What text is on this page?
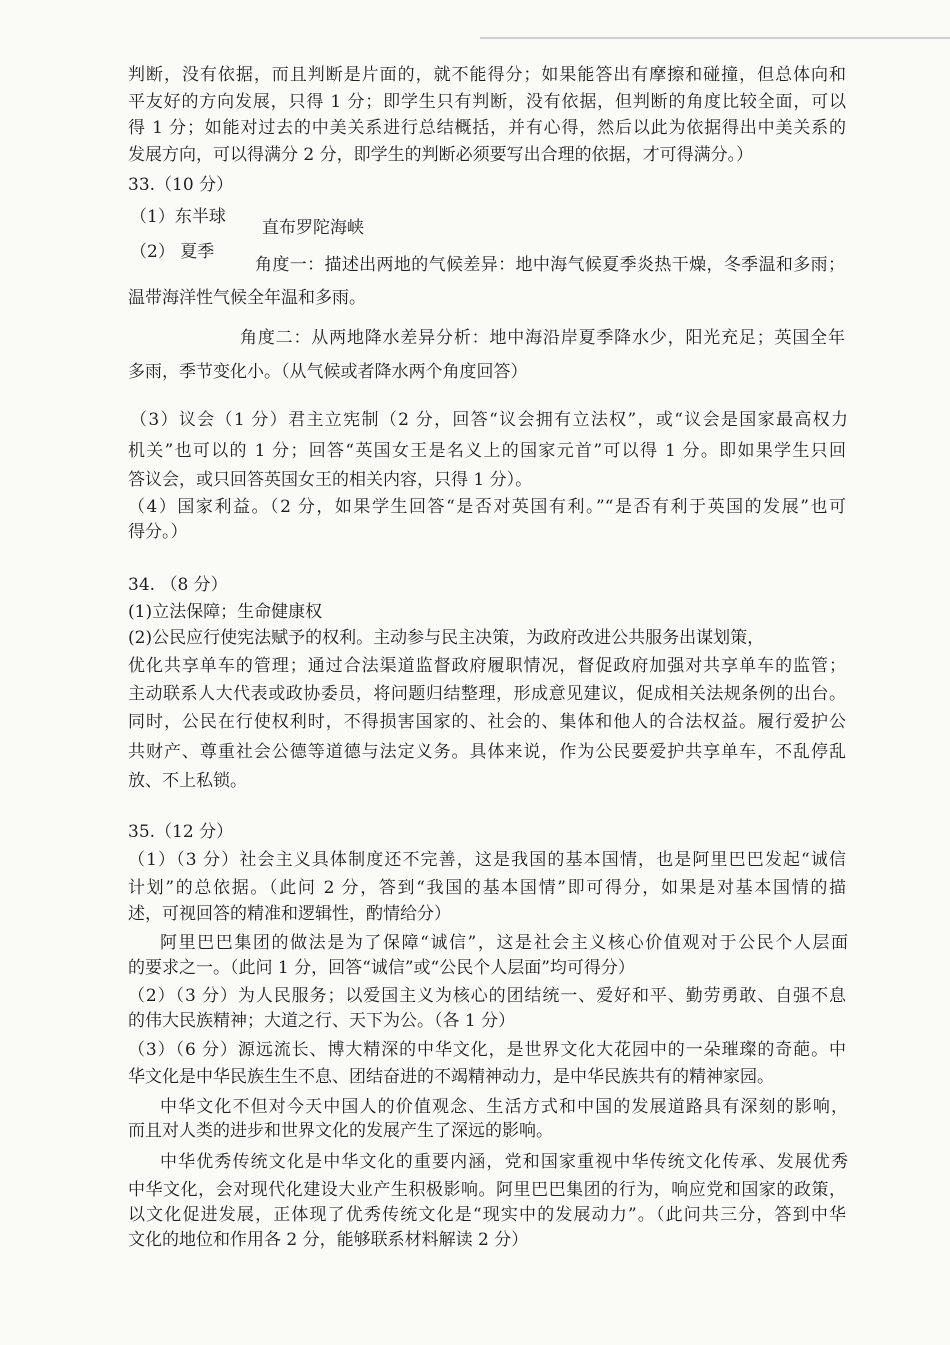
判断，没有依据，而且判断是片面的，就不能得分；如果能答出有摩擦和碰撞，但总体向和
平友好的方向发展，只得 1 分；即学生只有判断，没有依据，但判断的角度比较全面，可以
得 1 分；如能对过去的中美关系进行总结概括，并有心得，然后以此为依据得出中美关系的
发展方向，可以得满分 2 分，即学生的判断必须要写出合理的依据，才可得满分。）
33.（10 分）
（1）东半球
直布罗陀海峡
（2） 夏季
角度一：描述出两地的气候差异：地中海气候夏季炎热干燥，冬季温和多雨；
温带海洋性气候全年温和多雨。
角度二：从两地降水差异分析：地中海沿岸夏季降水少，阳光充足；英国全年
多雨，季节变化小。（从气候或者降水两个角度回答）
（3）议会（1 分）君主立宪制（2 分，回答“议会拥有立法权”，或“议会是国家最高权力
机关”也可以的 1 分；回答“英国女王是名义上的国家元首”可以得 1 分。即如果学生只回
答议会，或只回答英国女王的相关内容，只得 1 分）。
（4）国家利益。（2 分，如果学生回答“是否对英国有利。”“是否有利于英国的发展”也可
得分。）
34. （8 分）
(1)立法保障；生命健康权
(2)公民应行使宪法赋予的权利。主动参与民主决策，为政府改进公共服务出谋划策，
优化共享单车的管理；通过合法渠道监督政府履职情况，督促政府加强对共享单车的监管；
主动联系人大代表或政协委员，将问题归结整理，形成意见建议，促成相关法规条例的出台。
同时，公民在行使权利时，不得损害国家的、社会的、集体和他人的合法权益。履行爱护公
共财产、尊重社会公德等道德与法定义务。具体来说，作为公民要爱护共享单车，不乱停乱
放、不上私锁。
35.（12 分）
（1）（3 分）社会主义具体制度还不完善，这是我国的基本国情，也是阿里巴巴发起“诚信
计划”的总依据。（此问 2 分，答到“我国的基本国情”即可得分，如果是对基本国情的描
述，可视回答的精准和逻辑性，酌情给分）
阿里巴巴集团的做法是为了保障“诚信”，这是社会主义核心价值观对于公民个人层面
的要求之一。（此问 1 分，回答“诚信”或“公民个人层面”均可得分）
（2）（3 分）为人民服务；以爱国主义为核心的团结统一、爱好和平、勤劳勇敢、自强不息
的伟大民族精神；大道之行、天下为公。（各 1 分）
（3）（6 分）源远流长、博大精深的中华文化，是世界文化大花园中的一朵璀璨的奇葩。中
华文化是中华民族生生不息、团结奋进的不竭精神动力，是中华民族共有的精神家园。
中华文化不但对今天中国人的价值观念、生活方式和中国的发展道路具有深刻的影响，
而且对人类的进步和世界文化的发展产生了深远的影响。
中华优秀传统文化是中华文化的重要内涵，党和国家重视中华传统文化传承、发展优秀
中华文化，会对现代化建设大业产生积极影响。阿里巴巴集团的行为，响应党和国家的政策，
以文化促进发展，正体现了优秀传统文化是“现实中的发展动力”。（此问共三分，答到中华
文化的地位和作用各 2 分，能够联系材料解读 2 分）
